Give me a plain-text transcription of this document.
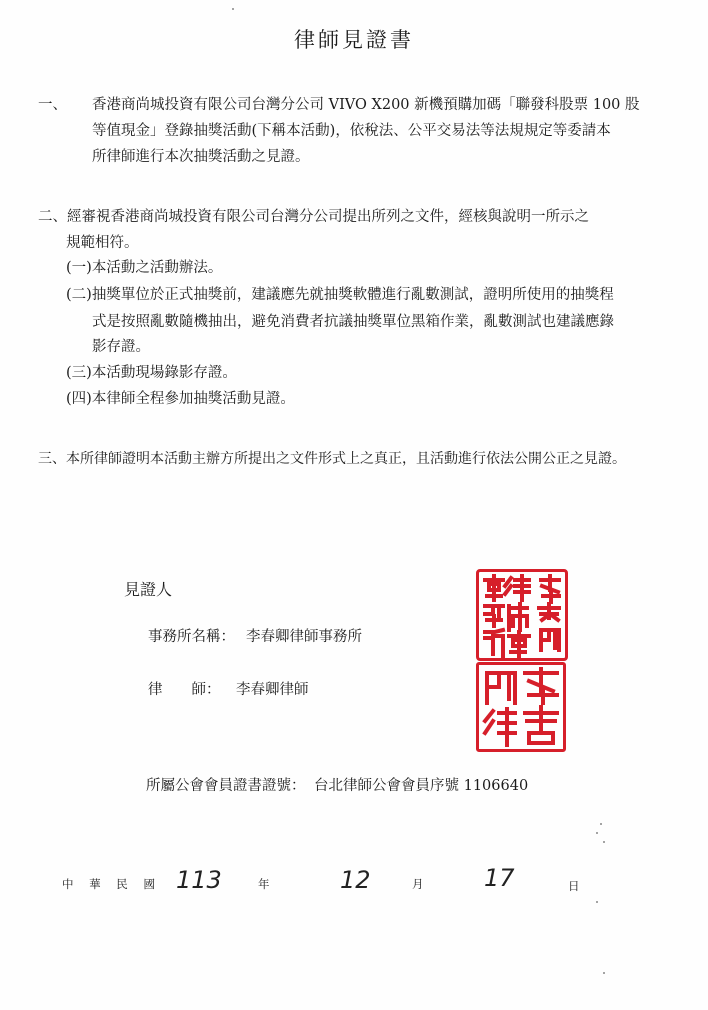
律師見證書
一、 香港商尚城投資有限公司台灣分公司 VIVO X200 新機預購加碼「聯發科股票 100 股
等值現金」登錄抽獎活動(下稱本活動)，依稅法、公平交易法等法規規定等委請本
所律師進行本次抽獎活動之見證。
二、經審視香港商尚城投資有限公司台灣分公司提出所列之文件，經核與說明一所示之
規範相符。
(一)本活動之活動辦法。
(二)抽獎單位於正式抽獎前，建議應先就抽獎軟體進行亂數測試，證明所使用的抽獎程
式是按照亂數隨機抽出，避免消費者抗議抽獎單位黑箱作業，亂數測試也建議應錄
影存證。
(三)本活動現場錄影存證。
(四)本律師全程參加抽獎活動見證。
三、本所律師證明本活動主辦方所提出之文件形式上之真正，且活動進行依法公開公正之見證。
見證人
事務所名稱： 李春卿律師事務所
律　　師： 李春卿律師
所屬公會會員證書證號： 台北律師公會會員序號 1106640
中 華 民 國 113	年	12	月 17	日
